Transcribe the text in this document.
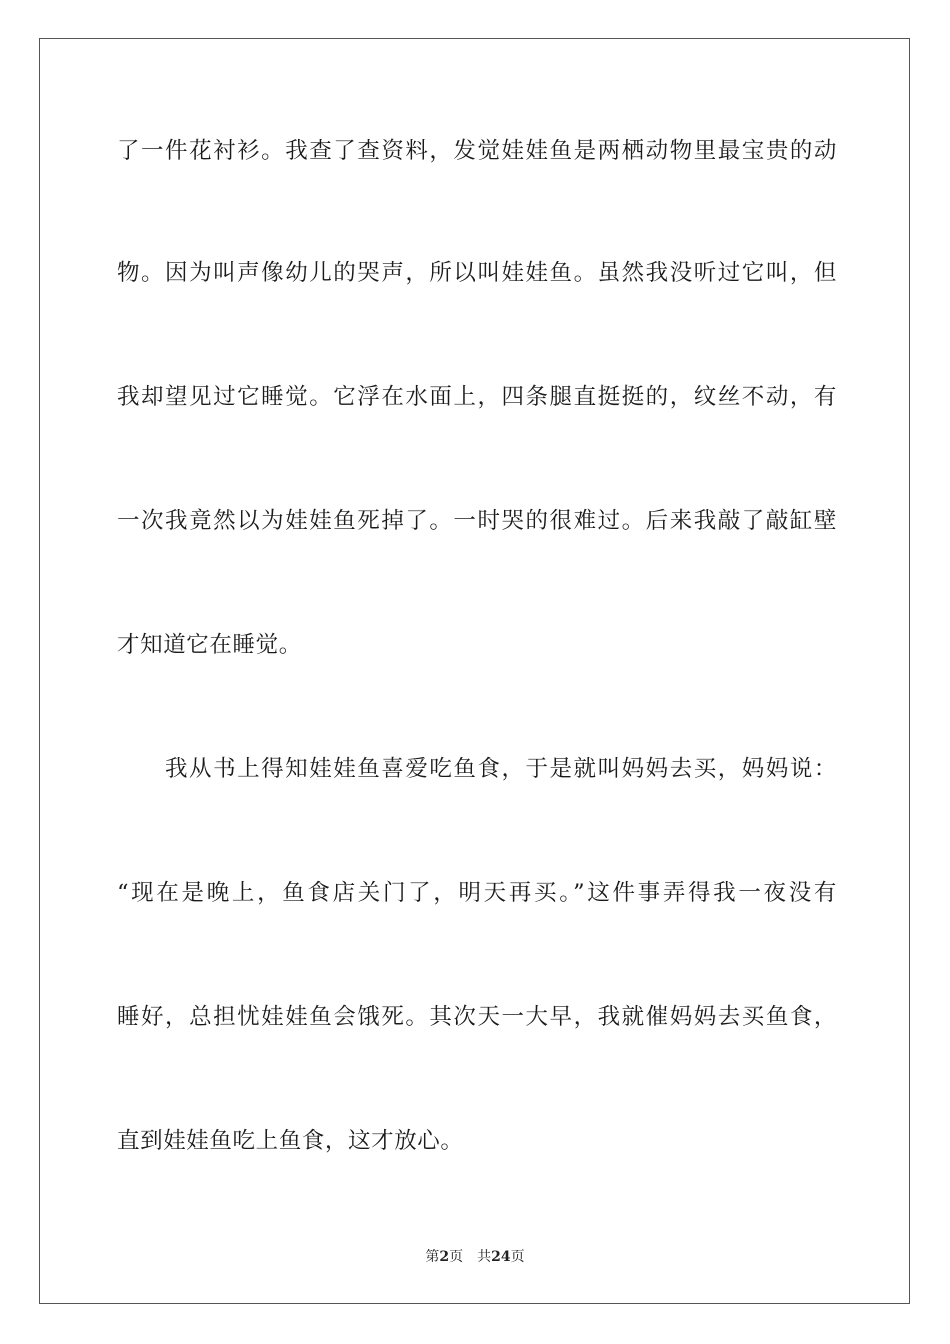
了一件花衬衫。我查了查资料，发觉娃娃鱼是两栖动物里最宝贵的动
物。因为叫声像幼儿的哭声，所以叫娃娃鱼。虽然我没听过它叫，但
我却望见过它睡觉。它浮在水面上，四条腿直挺挺的，纹丝不动，有
一次我竟然以为娃娃鱼死掉了。一时哭的很难过。后来我敲了敲缸壁
才知道它在睡觉。
我从书上得知娃娃鱼喜爱吃鱼食，于是就叫妈妈去买，妈妈说：
“现在是晚上，鱼食店关门了，明天再买。”这件事弄得我一夜没有
睡好，总担忧娃娃鱼会饿死。其次天一大早，我就催妈妈去买鱼食，
直到娃娃鱼吃上鱼食，这才放心。
第2页 共24页
